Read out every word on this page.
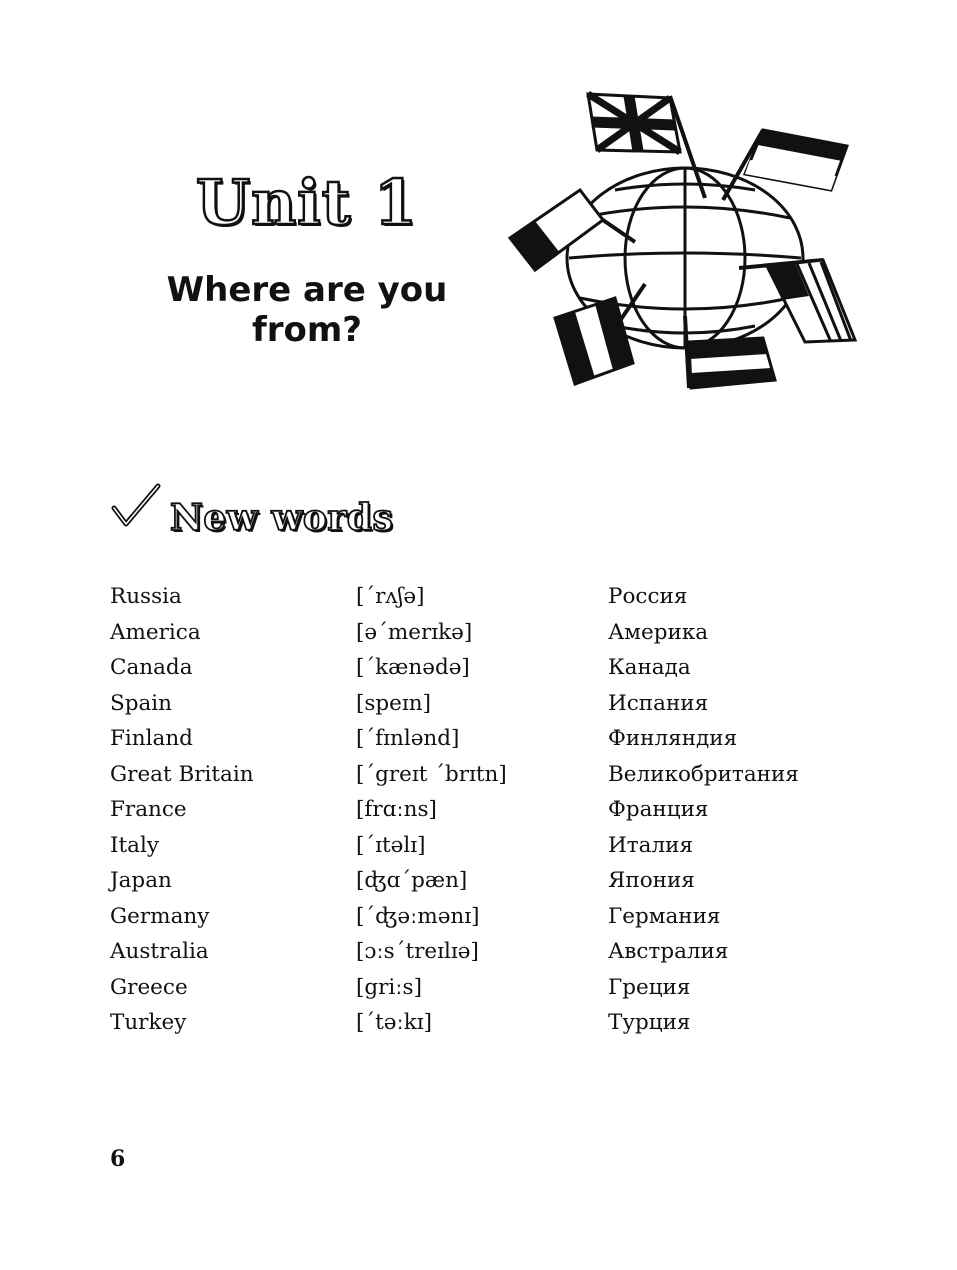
Unit 1
Where are you from?
New words
Russia	[ˊrʌʃə]	Россия
America	[əˊmerɪkə]	Америка
Canada	[ˊkænədə]	Канада
Spain	[speɪn]	Испания
Finland	[ˊfɪnlənd]	Финляндия
Great Britain	[ˊgreɪt ˊbrɪtn]	Великобритания
France	[frɑːns]	Франция
Italy	[ˊɪtəlɪ]	Италия
Japan	[ʤɑˊpæn]	Япония
Germany	[ˊʤəːmənɪ]	Германия
Australia	[ɔːsˊtreɪlɪə]	Австралия
Greece	[griːs]	Греция
Turkey	[ˊtəːkɪ]	Турция
6
